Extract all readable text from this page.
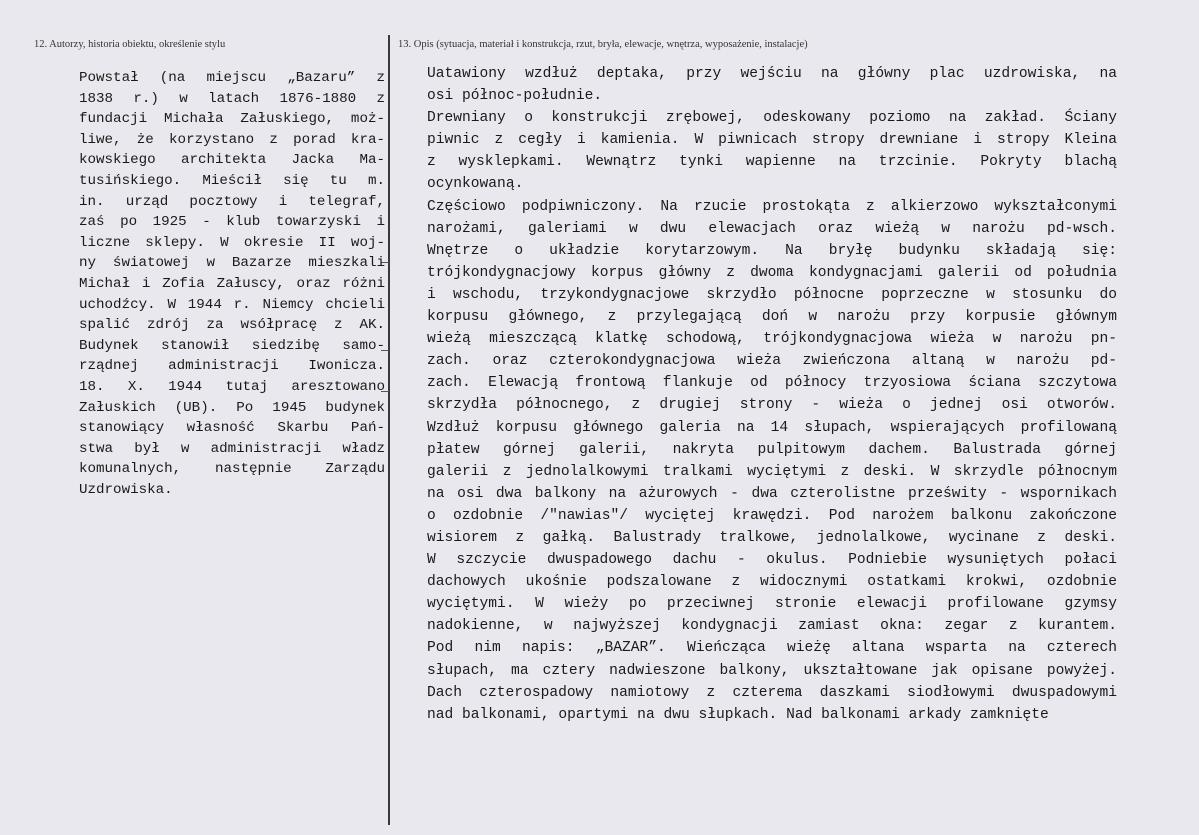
12. Autorzy, historia obiektu, określenie stylu	13. Opis (sytuacja, materiał i konstrukcja, rzut, bryła, elewacje, wnętrza, wyposażenie, instalacje)
Powstał (na miejscu „Bazaru” z
1838 r.) w latach 1876-1880 z
fundacji Michała Załuskiego, moż-
liwe, że korzystano z porad kra-
kowskiego architekta Jacka Ma-
tusińskiego. Mieścił się tu m.
in. urząd pocztowy i telegraf,
zaś po 1925 - klub towarzyski i
liczne sklepy. W okresie II woj-
ny światowej w Bazarze mieszkali
Michał i Zofia Załuscy, oraz różni
uchodźcy. W 1944 r. Niemcy chcieli
spalić zdrój za wsółpracę z AK.
Budynek stanowił siedzibę samo-
rządnej administracji Iwonicza.
18. X. 1944 tutaj aresztowano
Załuskich (UB). Po 1945 budynek
stanowiący własność Skarbu Pań-
stwa był w administracji władz
komunalnych, następnie Zarządu
Uzdrowiska.
Uatawiony wzdłuż deptaka, przy wejściu na główny plac uzdrowiska, na
osi północ-południe.
Drewniany o konstrukcji zrębowej, odeskowany poziomo na zakład. Ściany
piwnic z cegły i kamienia. W piwnicach stropy drewniane i stropy Kleina
z wysklepkami. Wewnątrz tynki wapienne na trzcinie. Pokryty blachą
ocynkowaną.
Częściowo podpiwniczony. Na rzucie prostokąta z alkierzowo wykształconymi
narożami, galeriami w dwu elewacjach oraz wieżą w narożu pd-wsch.
Wnętrze o układzie korytarzowym. Na bryłę budynku składają się:
trójkondygnacjowy korpus główny z dwoma kondygnacjami galerii od południa
i wschodu, trzykondygnacjowe skrzydło północne poprzeczne w stosunku do
korpusu głównego, z przylegającą doń w narożu przy korpusie głównym
wieżą mieszczącą klatkę schodową, trójkondygnacjowa wieża w narożu pn-
zach. oraz czterokondygnacjowa wieża zwieńczona altaną w narożu pd-
zach. Elewacją frontową flankuje od północy trzyosiowa ściana szczytowa
skrzydła północnego, z drugiej strony - wieża o jednej osi otworów.
Wzdłuż korpusu głównego galeria na 14 słupach, wspierających profilowaną
płatew górnej galerii, nakryta pulpitowym dachem. Balustrada górnej
galerii z jednolalkowymi tralkami wyciętymi z deski. W skrzydle północnym
na osi dwa balkony na ażurowych - dwa czterolistne prześwity - wspornikach
o ozdobnie /"nawias"/ wyciętej krawędzi. Pod narożem balkonu zakończone
wisiorem z gałką. Balustrady tralkowe, jednolalkowe, wycinane z deski.
W szczycie dwuspadowego dachu - okulus. Podniebie wysuniętych połaci
dachowych ukośnie podszalowane z widocznymi ostatkami krokwi, ozdobnie
wyciętymi. W wieży po przeciwnej stronie elewacji profilowane gzymsy
nadokienne, w najwyższej kondygnacji zamiast okna: zegar z kurantem.
Pod nim napis: „BAZAR”. Wieńcząca wieżę altana wsparta na czterech
słupach, ma cztery nadwieszone balkony, ukształtowane jak opisane powyżej.
Dach czterospadowy namiotowy z czterema daszkami siodłowymi dwuspadowymi
nad balkonami, opartymi na dwu słupkach. Nad balkonami arkady zamknięte
